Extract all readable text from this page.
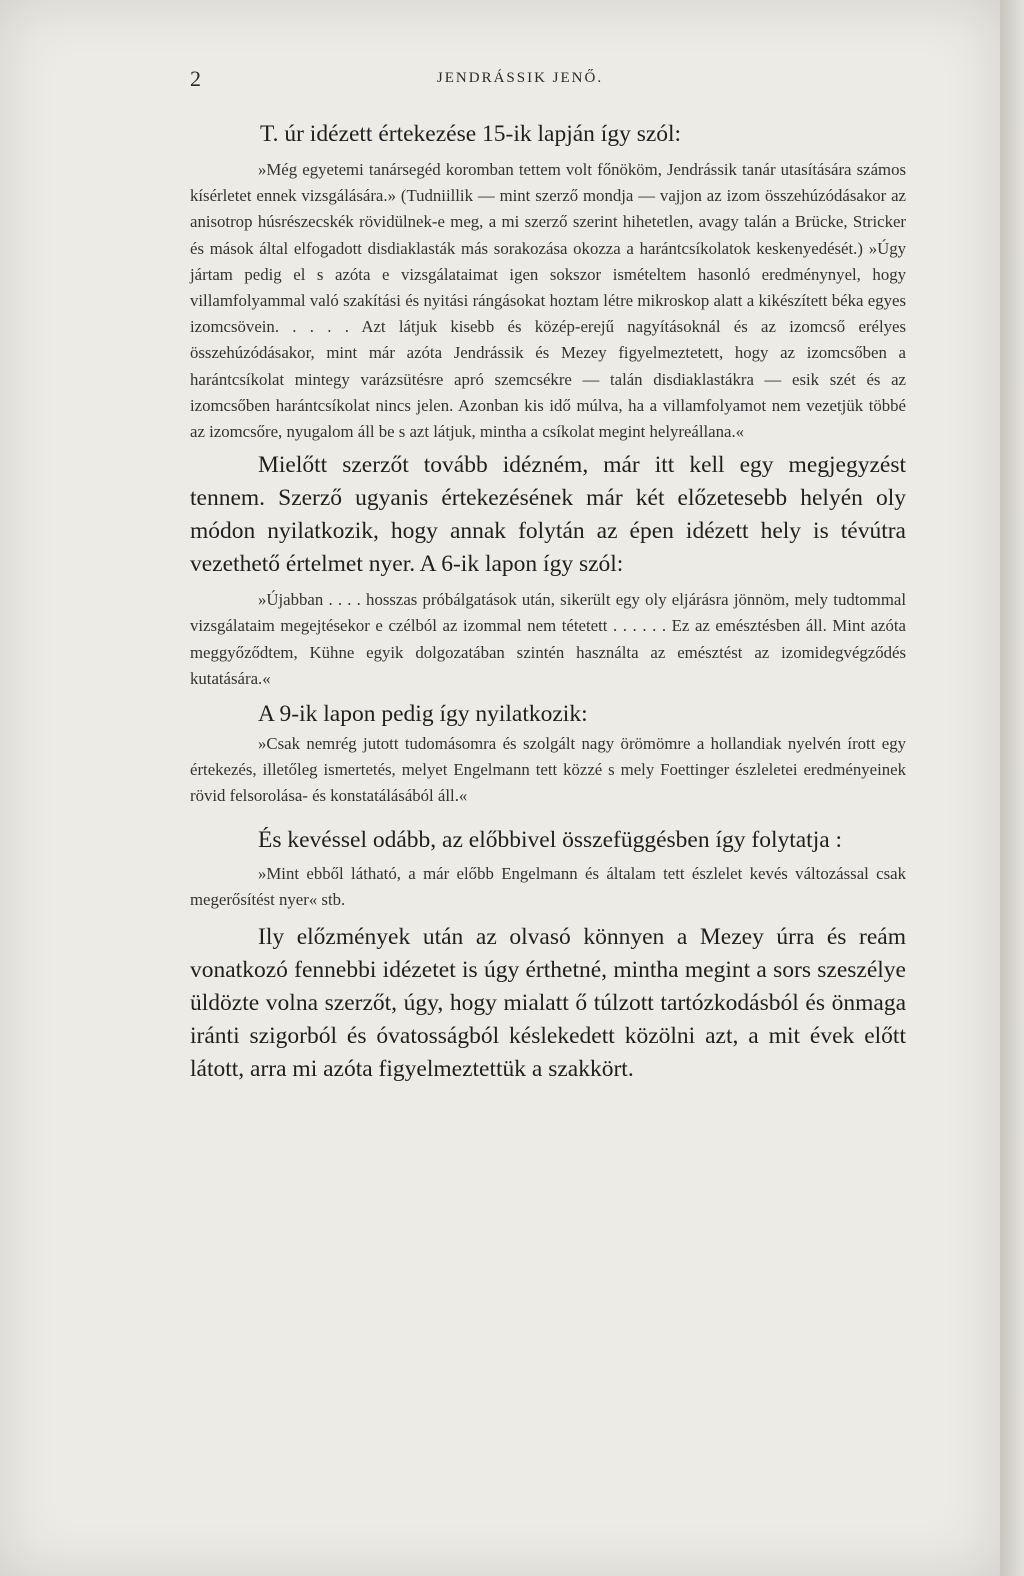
2	JENDRÁSSIK JENŐ.

T. úr idézett értekezése 15-ik lapján így szól:

»Még egyetemi tanársegéd koromban tettem volt főnököm, Jendrássik tanár utasítására számos kísérletet ennek vizsgálására.» (Tudniillik — mint szerző mondja — vajjon az izom összehúzódásakor az anisotrop húsrészecskék rövidülnek-e meg, a mi szerző szerint hihetetlen, avagy talán a Brücke, Stricker és mások által elfogadott disdiaklasták más sorakozása okozza a harántcsíkolatok keskenyedését.) »Úgy jártam pedig el s azóta e vizsgálataimat igen sokszor ismételtem hasonló eredménynyel, hogy villamfolyammal való szakítási és nyitási rángásokat hoztam létre mikroskop alatt a kikészített béka egyes izomcsövein. . . . . Azt látjuk kisebb és közép-erejű nagyításoknál és az izomcső erélyes összehúzódásakor, mint már azóta Jendrássik és Mezey figyelmeztetett, hogy az izomcsőben a harántcsíkolat mintegy varázsütésre apró szemcsékre — talán disdiaklastákra — esik szét és az izomcsőben harántcsíkolat nincs jelen. Azonban kis idő múlva, ha a villamfolyamot nem vezetjük többé az izomcsőre, nyugalom áll be s azt látjuk, mintha a csíkolat megint helyreállana.«

Mielőtt szerzőt tovább idézném, már itt kell egy megjegyzést tennem. Szerző ugyanis értekezésének már két előzetesebb helyén oly módon nyilatkozik, hogy annak folytán az épen idézett hely is tévútra vezethető értelmet nyer. A 6-ik lapon így szól:

»Újabban . . . . hosszas próbálgatások után, sikerült egy oly eljárásra jönnöm, mely tudtommal vizsgálataim megejtésekor e czélból az izommal nem tétetett . . . . . . Ez az emésztésben áll. Mint azóta meggyőződtem, Kühne egyik dolgozatában szintén használta az emésztést az izomidegvégződés kutatására.«

A 9-ik lapon pedig így nyilatkozik:

»Csak nemrég jutott tudomásomra és szolgált nagy örömömre a hollandiak nyelvén írott egy értekezés, illetőleg ismertetés, melyet Engelmann tett közzé s mely Foettinger észleletei eredményeinek rövid felsorolása- és konstatálásából áll.«

És kevéssel odább, az előbbivel összefüggésben így folytatja :

»Mint ebből látható, a már előbb Engelmann és általam tett észlelet kevés változással csak megerősítést nyer« stb.

Ily előzmények után az olvasó könnyen a Mezey úrra és reám vonatkozó fennebbi idézetet is úgy érthetné, mintha megint a sors szeszélye üldözte volna szerzőt, úgy, hogy mialatt ő túlzott tartózkodásból és önmaga iránti szigorból és óvatosságból késlekedett közölni azt, a mit évek előtt látott, arra mi azóta figyelmeztettük a szakkört.
